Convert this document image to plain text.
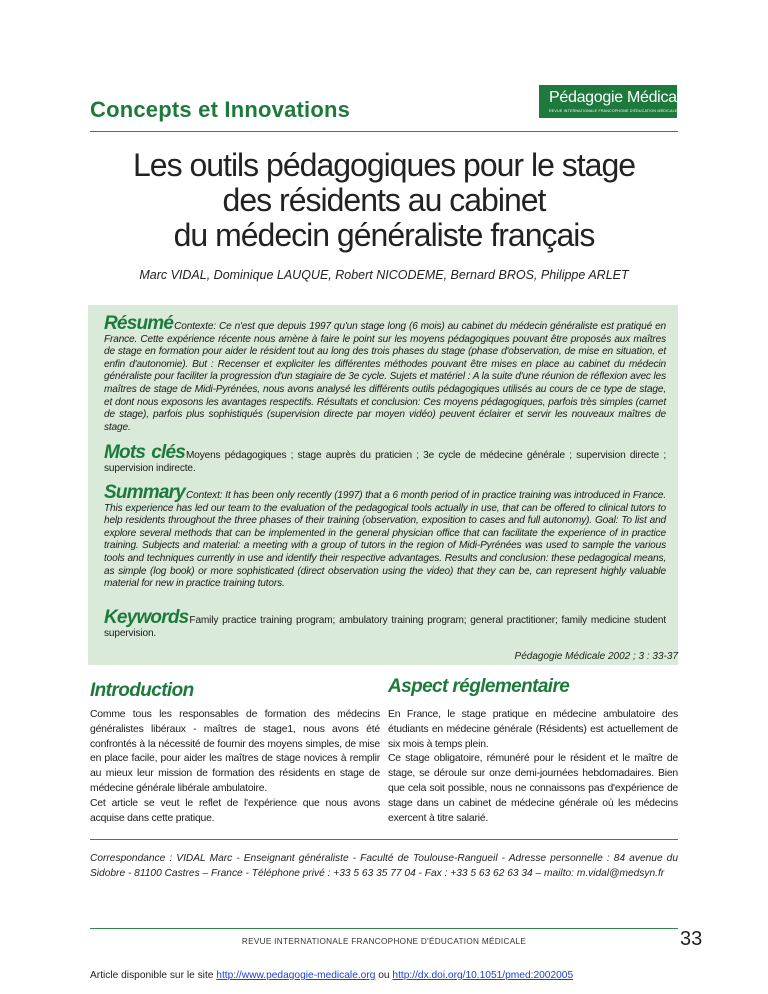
Concepts et Innovations	Pédagogie Médicale
REVUE INTERNATIONALE FRANCOPHONE D'ÉDUCATION MÉDICALE
Les outils pédagogiques pour le stage
des résidents au cabinet
du médecin généraliste français
Marc VIDAL, Dominique LAUQUE, Robert NICODEME, Bernard BROS, Philippe ARLET
RésuméContexte: Ce n'est que depuis 1997 qu'un stage long (6 mois) au cabinet du médecin généraliste est pratiqué en France. Cette expérience récente nous amène à faire le point sur les moyens pédagogiques pouvant être proposés aux maîtres de stage en formation pour aider le résident tout au long des trois phases du stage (phase d'observation, de mise en situation, et enfin d'autonomie). But : Recenser et expliciter les différentes méthodes pouvant être mises en place au cabinet du médecin généraliste pour faciliter la progression d'un stagiaire de 3e cycle. Sujets et matériel : A la suite d'une réunion de réflexion avec les maîtres de stage de Midi-Pyrénées, nous avons analysé les différents outils pédagogiques utilisés au cours de ce type de stage, et dont nous exposons les avantages respectifs. Résultats et conclusion: Ces moyens pédagogiques, parfois très simples (carnet de stage), parfois plus sophistiqués (supervision directe par moyen vidéo) peuvent éclairer et servir les nouveaux maîtres de stage.
Mots clésMoyens pédagogiques ; stage auprès du praticien ; 3e cycle de médecine générale ; supervision directe ; supervision indirecte.
SummaryContext: It has been only recently (1997) that a 6 month period of in practice training was introduced in France. This experience has led our team to the evaluation of the pedagogical tools actually in use, that can be offered to clinical tutors to help residents throughout the three phases of their training (observation, exposition to cases and full autonomy). Goal: To list and explore several methods that can be implemented in the general physician office that can facilitate the experience of in practice training. Subjects and material: a meeting with a group of tutors in the region of Midi-Pyrénées was used to sample the various tools and techniques currently in use and identify their respective advantages. Results and conclusion: these pedagogical means, as simple (log book) or more sophisticated (direct observation using the video) that they can be, can represent highly valuable material for new in practice training tutors.
KeywordsFamily practice training program; ambulatory training program; general practitioner; family medicine student supervision.
Pédagogie Médicale 2002 ; 3 : 33-37
Introduction

Comme tous les responsables de formation des médecins généralistes libéraux - maîtres de stage1, nous avons été confrontés à la nécessité de fournir des moyens simples, de mise en place facile, pour aider les maîtres de stage novices à remplir au mieux leur mission de formation des résidents en stage de médecine générale libérale ambulatoire.

Cet article se veut le reflet de l'expérience que nous avons acquise dans cette pratique.

Aspect réglementaire

En France, le stage pratique en médecine ambulatoire des étudiants en médecine générale (Résidents) est actuellement de six mois à temps plein.

Ce stage obligatoire, rémunéré pour le résident et le maître de stage, se déroule sur onze demi-journées hebdomadaires. Bien que cela soit possible, nous ne connaissons pas d'expérience de stage dans un cabinet de médecine générale où les médecins exercent à titre salarié.

Correspondance : VIDAL Marc - Enseignant généraliste - Faculté de Toulouse-Rangueil - Adresse personnelle : 84 avenue du Sidobre - 81100 Castres – France - Téléphone privé : +33 5 63 35 77 04 - Fax : +33 5 63 62 63 34 – mailto: m.vidal@medsyn.fr
REVUE INTERNATIONALE FRANCOPHONE D'ÉDUCATION MÉDICALE	33
Article disponible sur le site http://www.pedagogie-medicale.org ou http://dx.doi.org/10.1051/pmed:2002005
